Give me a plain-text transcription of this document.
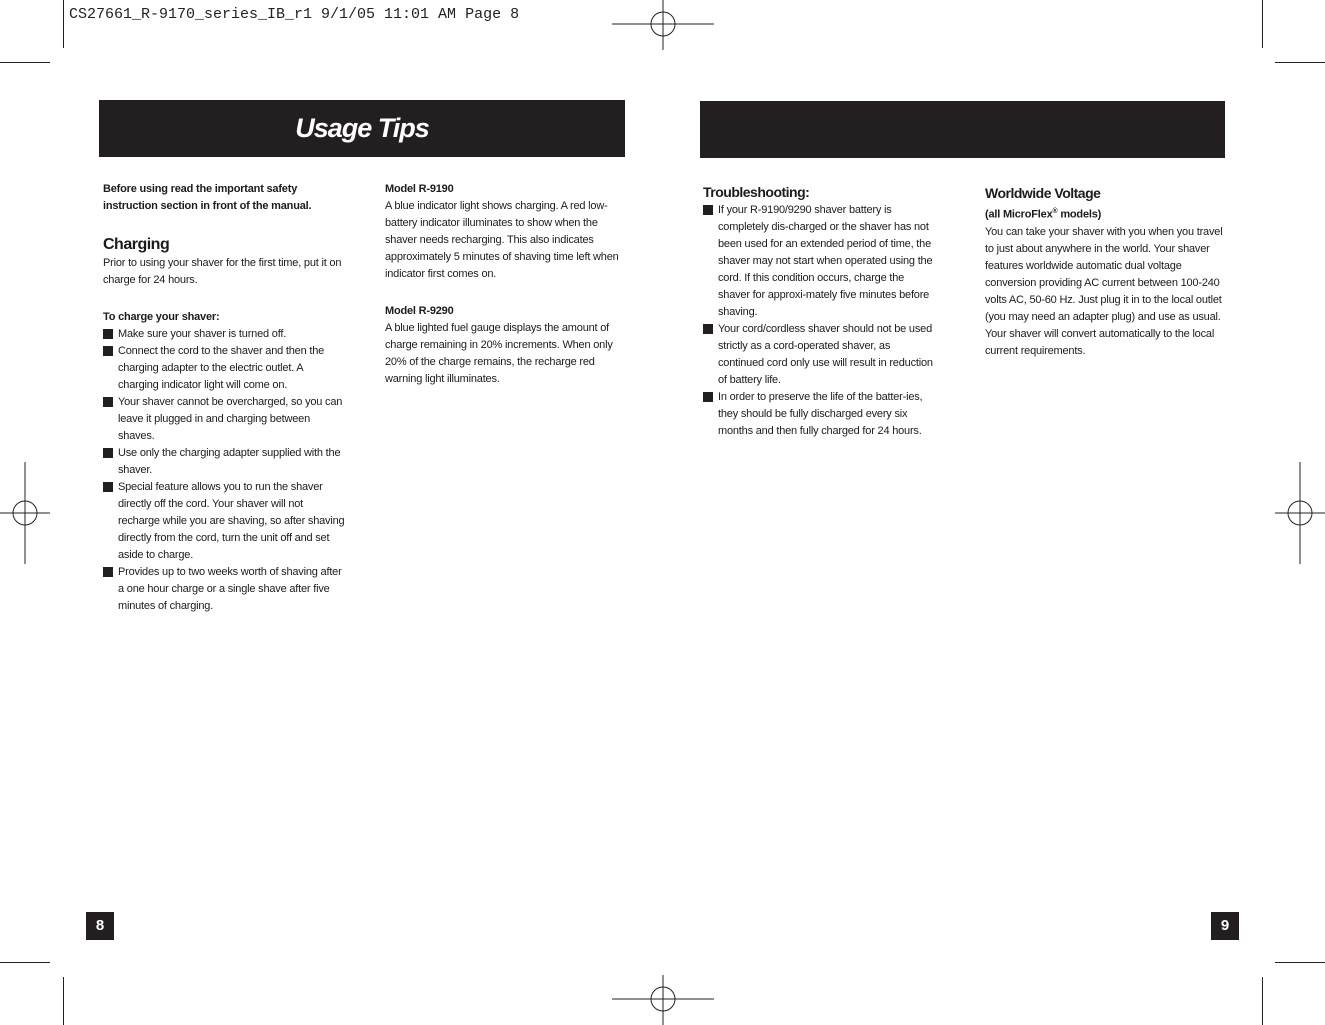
CS27661_R-9170_series_IB_r1 9/1/05 11:01 AM Page 8
Usage Tips

Before using read the important safety instruction section in front of the manual.

Charging

Prior to using your shaver for the first time, put it on charge for 24 hours.

To charge your shaver:

Make sure your shaver is turned off.
Connect the cord to the shaver and then the charging adapter to the electric outlet. A charging indicator light will come on.
Your shaver cannot be overcharged, so you can leave it plugged in and charging between shaves.
Use only the charging adapter supplied with the shaver.
Special feature allows you to run the shaver directly off the cord. Your shaver will not recharge while you are shaving, so after shaving directly from the cord, turn the unit off and set aside to charge.
Provides up to two weeks worth of shaving after a one hour charge or a single shave after five minutes of charging.

Model R-9190

A blue indicator light shows charging. A red low-battery indicator illuminates to show when the shaver needs recharging. This also indicates approximately 5 minutes of shaving time left when indicator first comes on.

Model R-9290

A blue lighted fuel gauge displays the amount of charge remaining in 20% increments. When only 20% of the charge remains, the recharge red warning light illuminates.

Troubleshooting:

If your R-9190/9290 shaver battery is completely dis-charged or the shaver has not been used for an extended period of time, the shaver may not start when operated using the cord. If this condition occurs, charge the shaver for approxi-mately five minutes before shaving.
Your cord/cordless shaver should not be used strictly as a cord-operated shaver, as continued cord only use will result in reduction of battery life.
In order to preserve the life of the batter-ies, they should be fully discharged every six months and then fully charged for 24 hours.

Worldwide Voltage

(all MicroFlex® models)

You can take your shaver with you when you travel to just about anywhere in the world. Your shaver features worldwide automatic dual voltage conversion providing AC current between 100-240 volts AC, 50-60 Hz. Just plug it in to the local outlet (you may need an adapter plug) and use as usual. Your shaver will convert automatically to the local current requirements.

8	9
